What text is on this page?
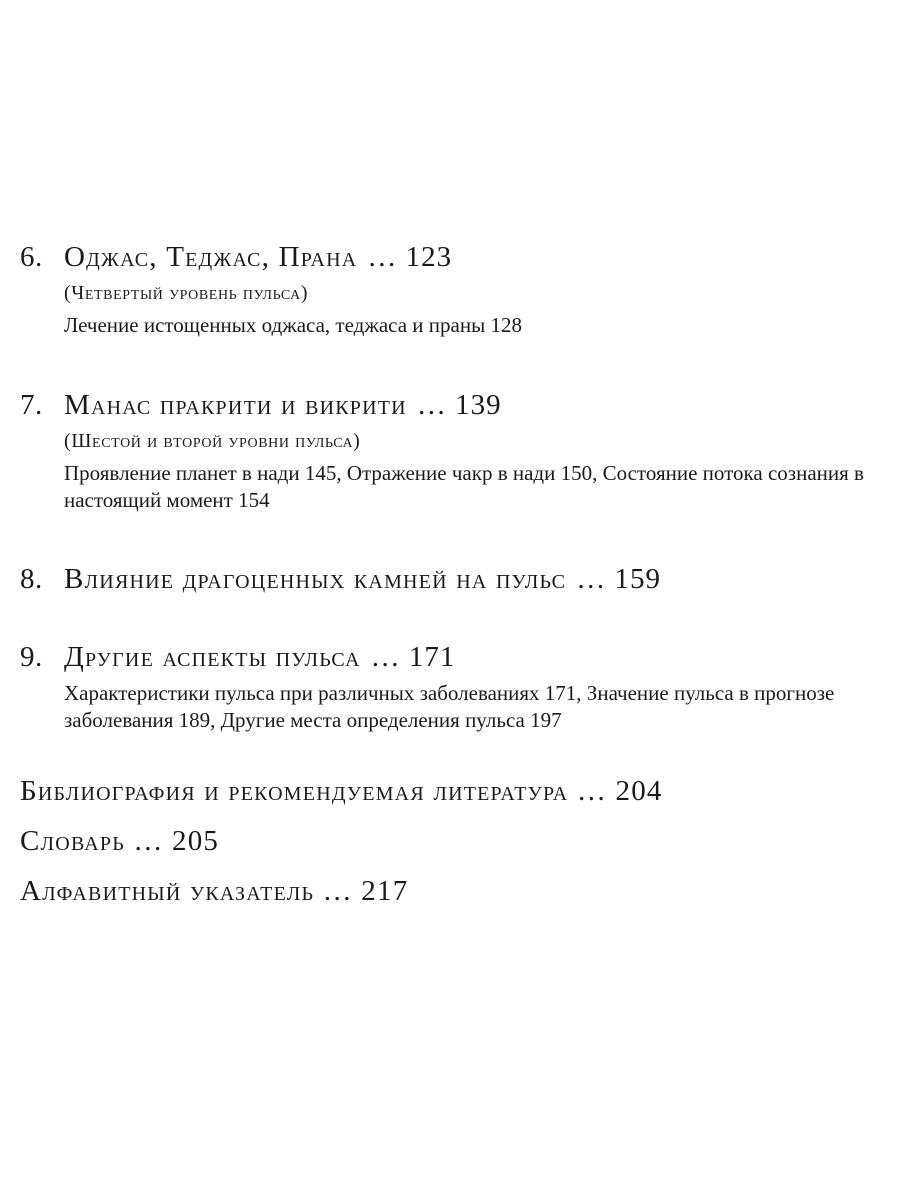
6. Оджас, Теджас, Прана … 123
(Четвертый уровень пульса)
Лечение истощенных оджаса, теджаса и праны 128
7. Манас пракрити и викрити … 139
(Шестой и второй уровни пульса)
Проявление планет в нади 145, Отражение чакр в нади 150, Состояние потока сознания в настоящий момент 154
8. Влияние драгоценных камней на пульс … 159
9. Другие аспекты пульса … 171
Характеристики пульса при различных заболеваниях 171, Значение пульса в прогнозе заболевания 189, Другие места определения пульса 197
Библиография и рекомендуемая литература … 204
Словарь … 205
Алфавитный указатель … 217
